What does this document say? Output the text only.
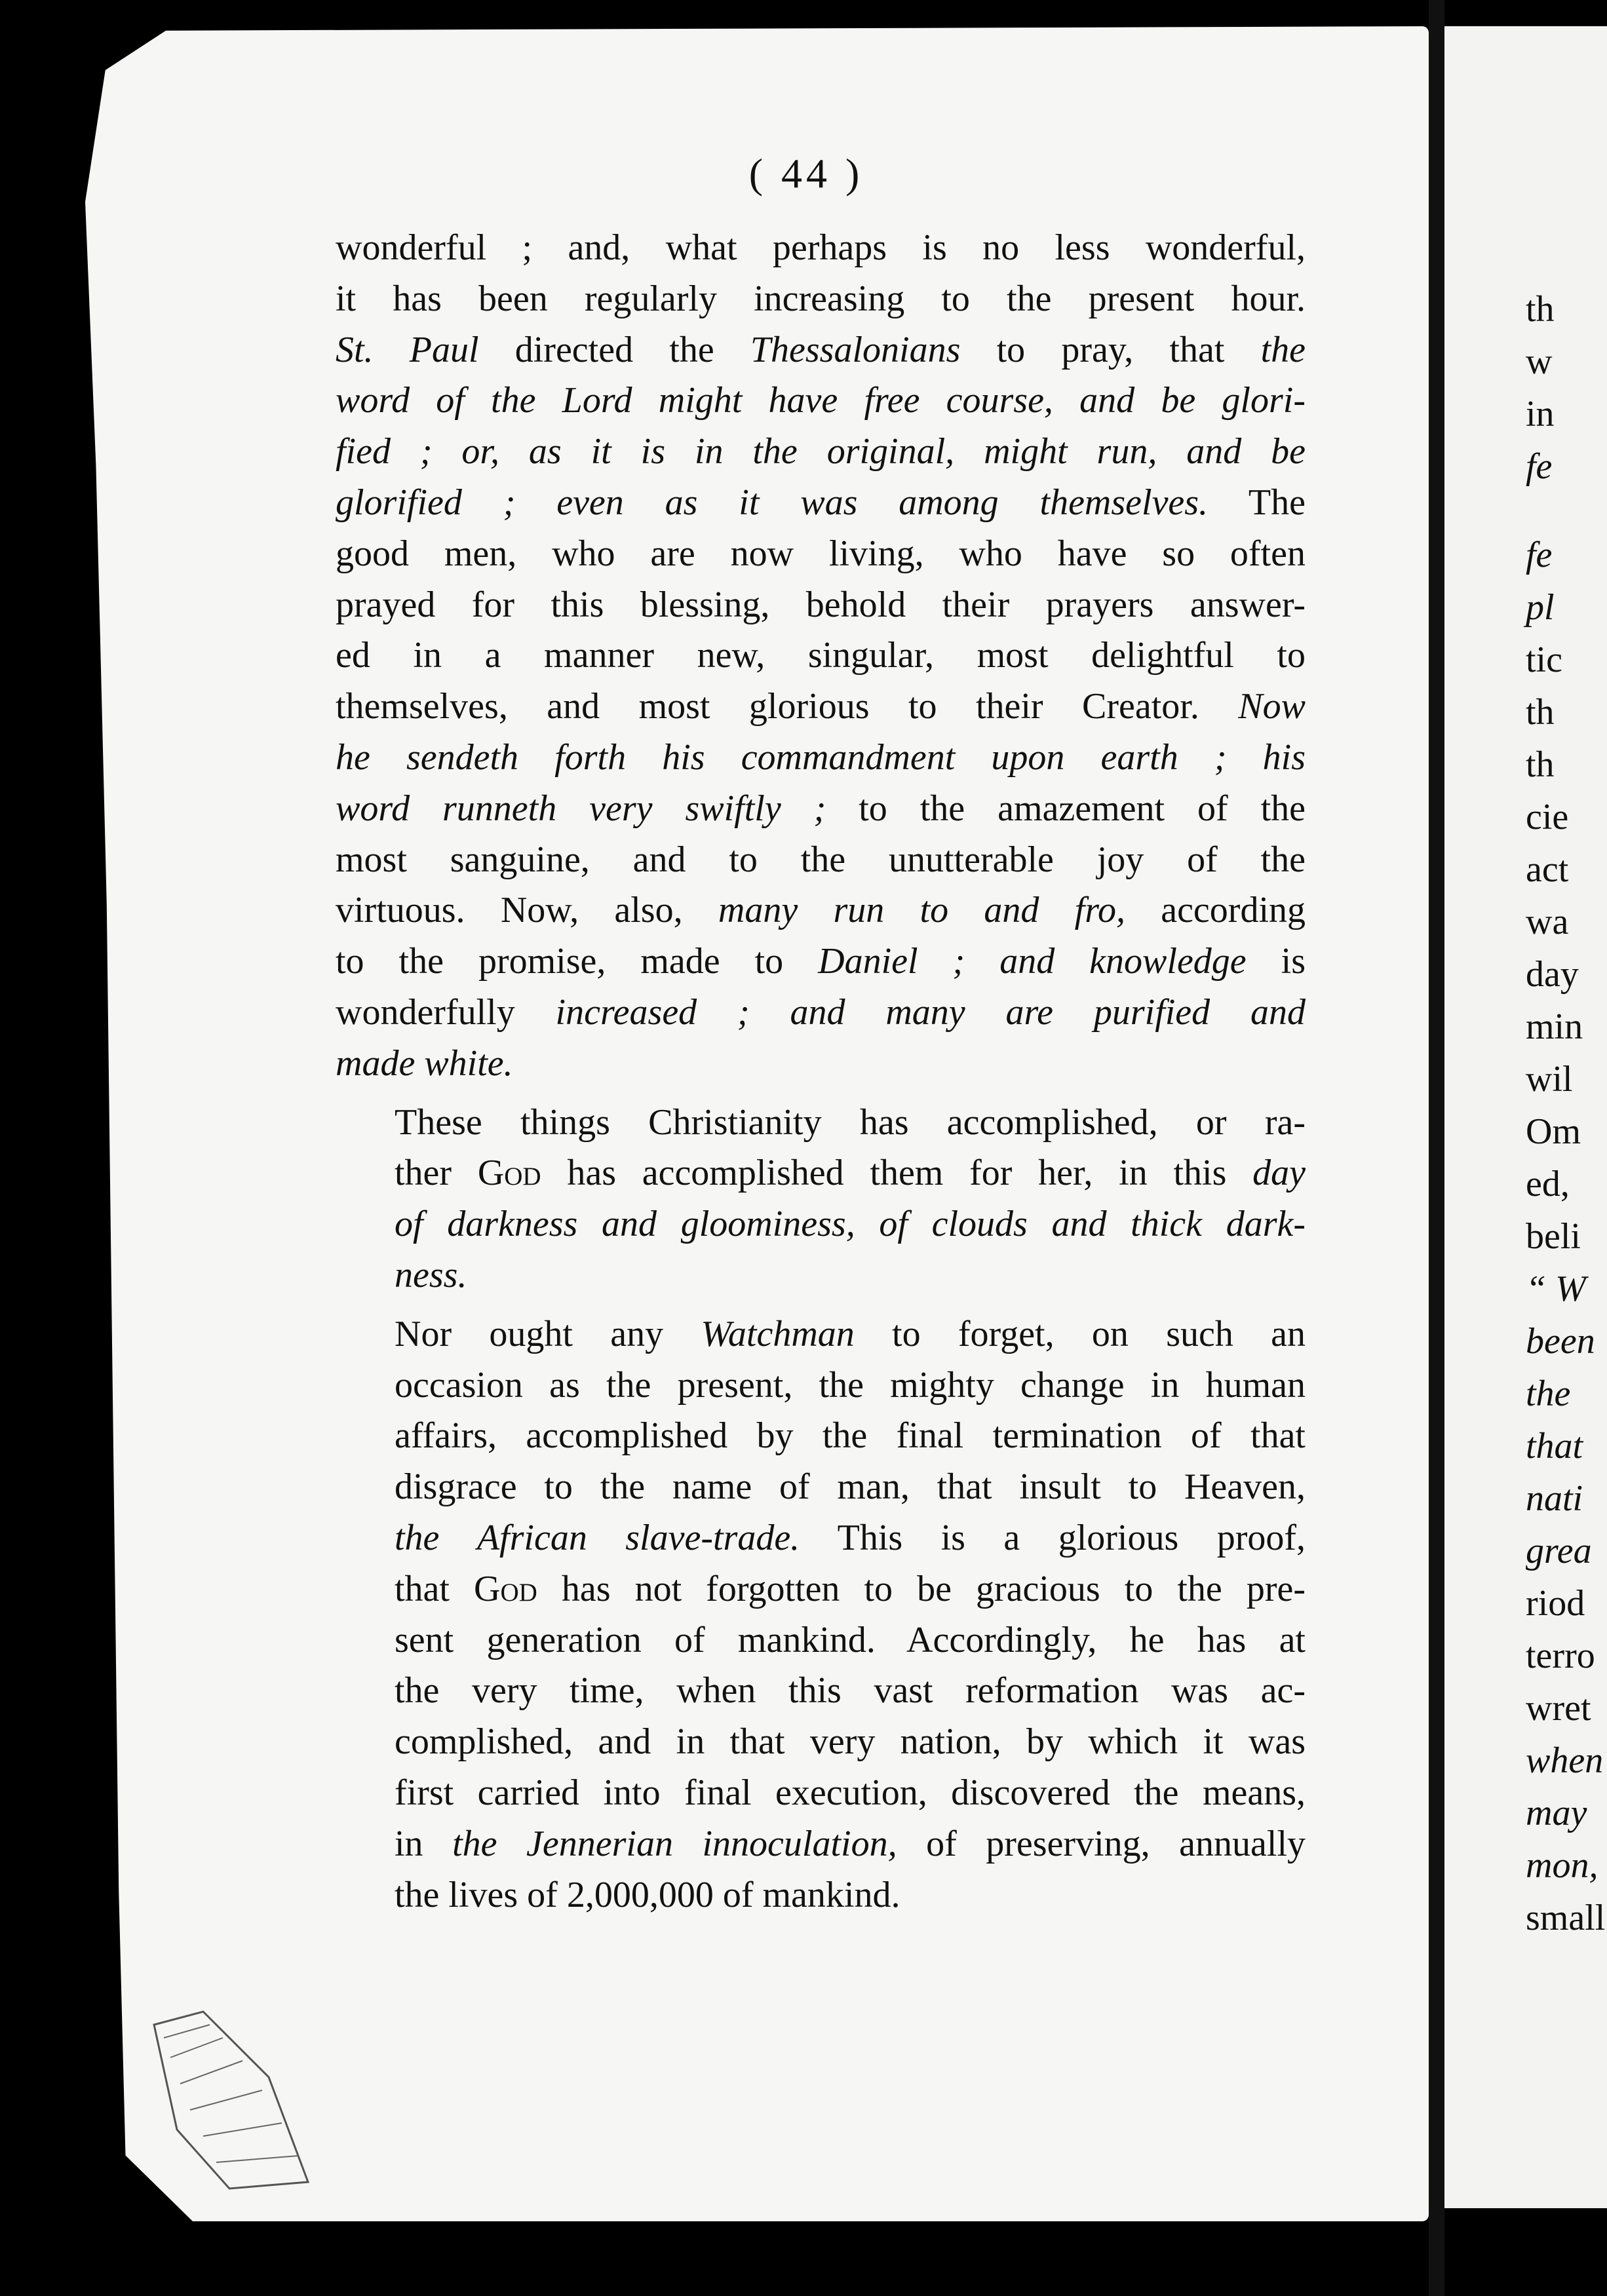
( 44 )
wonderful ; and, what perhaps is no less wonderful,
it has been regularly increasing to the present hour.
St. Paul directed the Thessalonians to pray, that the
word of the Lord might have free course, and be glori-
fied ; or, as it is in the original, might run, and be
glorified ; even as it was among themselves. The
good men, who are now living, who have so often
prayed for this blessing, behold their prayers answer-
ed in a manner new, singular, most delightful to
themselves, and most glorious to their Creator. Now
he sendeth forth his commandment upon earth ; his
word runneth very swiftly ; to the amazement of the
most sanguine, and to the unutterable joy of the
virtuous. Now, also, many run to and fro, according
to the promise, made to Daniel ; and knowledge is
wonderfully increased ; and many are purified and
made white.
These things Christianity has accomplished, or ra-
ther God has accomplished them for her, in this day
of darkness and gloominess, of clouds and thick dark-
ness.
Nor ought any Watchman to forget, on such an
occasion as the present, the mighty change in human
affairs, accomplished by the final termination of that
disgrace to the name of man, that insult to Heaven,
the African slave-trade. This is a glorious proof,
that God has not forgotten to be gracious to the pre-
sent generation of mankind. Accordingly, he has at
the very time, when this vast reformation was ac-
complished, and in that very nation, by which it was
first carried into final execution, discovered the means,
in the Jennerian innoculation, of preserving, annually
the lives of 2,000,000 of mankind.
th
w
in
fe
fe
pl
tic
th
th
cie
act
wa
day
min
wil
Om
ed,
beli
“ W
been
the
that
nati
grea
riod
terro
wret
when
may
mon,
small
